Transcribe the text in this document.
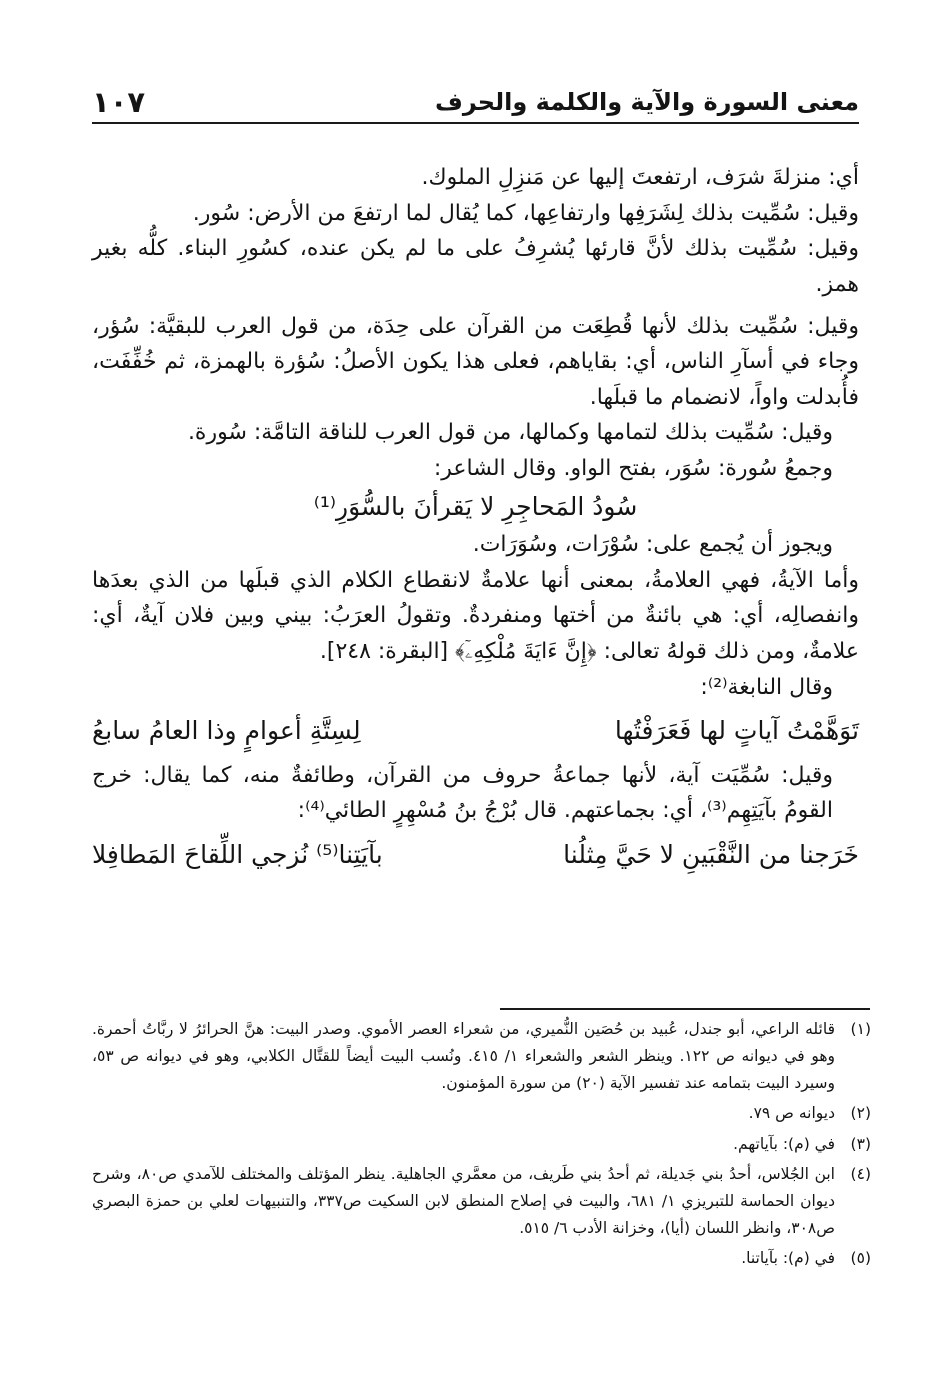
معنى السورة والآية والكلمة والحرف
١٠٧

أي: منزلةَ شرَف، ارتفعتَ إليها عن مَنزِلِ الملوك.

وقيل: سُمِّيت بذلك لِشَرَفِها وارتفاعِها، كما يُقال لما ارتفعَ من الأرض: سُور.

وقيل: سُمِّيت بذلك لأنَّ قارئها يُشرِفُ على ما لم يكن عنده، كسُورِ البناء. كلُّه بغير همز.

وقيل: سُمِّيت بذلك لأنها قُطِعَت من القرآن على حِدَة، من قول العرب للبقيَّة: سُؤر، وجاء في أسآرِ الناس، أي: بقاياهم، فعلى هذا يكون الأصلُ: سُؤرة بالهمزة، ثم خُفِّفَت، فأُبدلت واواً، لانضمام ما قبلَها.

وقيل: سُمِّيت بذلك لتمامها وكمالها، من قول العرب للناقة التامَّة: سُورة.

وجمعُ سُورة: سُوَر، بفتح الواو. وقال الشاعر:

سُودُ المَحاجِرِ لا يَقرأنَ بالسُّوَرِ⁽¹⁾

ويجوز أن يُجمع على: سُوْرَات، وسُوَرَات.

وأما الآيةُ، فهي العلامةُ، بمعنى أنها علامةٌ لانقطاع الكلام الذي قبلَها من الذي بعدَها وانفصالِه، أي: هي بائنةٌ من أختها ومنفردةٌ. وتقولُ العرَبُ: بيني وبين فلان آيةٌ، أي: علامةٌ، ومن ذلك قولهُ تعالى: ﴿إِنَّ ءَايَةَ مُلْكِهِۦٓ﴾ [البقرة: ٢٤٨].

وقال النابغة⁽²⁾:

تَوَهَّمْتُ آياتٍ لها فَعَرَفْتُها
لِسِتَّةِ أعوامٍ وذا العامُ سابعُ

وقيل: سُمِّيَت آية، لأنها جماعةُ حروف من القرآن، وطائفةٌ منه، كما يقال: خرج القومُ بآيَتِهِم⁽³⁾، أي: بجماعتهم. قال بُرْجُ بنُ مُسْهِرٍ الطائي⁽⁴⁾:

خَرَجنا من النَّقْبَينِ لا حَيَّ مِثلُنا
بآيَتِنا⁽⁵⁾ نُزجي اللِّقاحَ المَطافِلا
(١)
قائله الراعي، أبو جندل، عُبيد بن حُصَين النُّميري، من شعراء العصر الأموي. وصدر البيت: هنَّ الحرائرُ لا ربَّاتُ أحمرة. وهو في ديوانه ص ١٢٢. وينظر الشعر والشعراء ١/ ٤١٥. ونُسب البيت أيضاً للقتَّال الكلابي، وهو في ديوانه ص ٥٣، وسيرد البيت بتمامه عند تفسير الآية (٢٠) من سورة المؤمنون.
(٢)
ديوانه ص ٧٩.
(٣)
في (م): بآياتهم.
(٤)
ابن الجُلاس، أحدُ بني جَديلة، ثم أحدُ بني طَريف، من معمَّري الجاهلية. ينظر المؤتلف والمختلف للآمدي ص٨٠، وشرح ديوان الحماسة للتبريزي ١/ ٦٨١، والبيت في إصلاح المنطق لابن السكيت ص٣٣٧، والتنبيهات لعلي بن حمزة البصري ص٣٠٨، وانظر اللسان (أيا)، وخزانة الأدب ٦/ ٥١٥.
(٥)
في (م): بآياتنا.
